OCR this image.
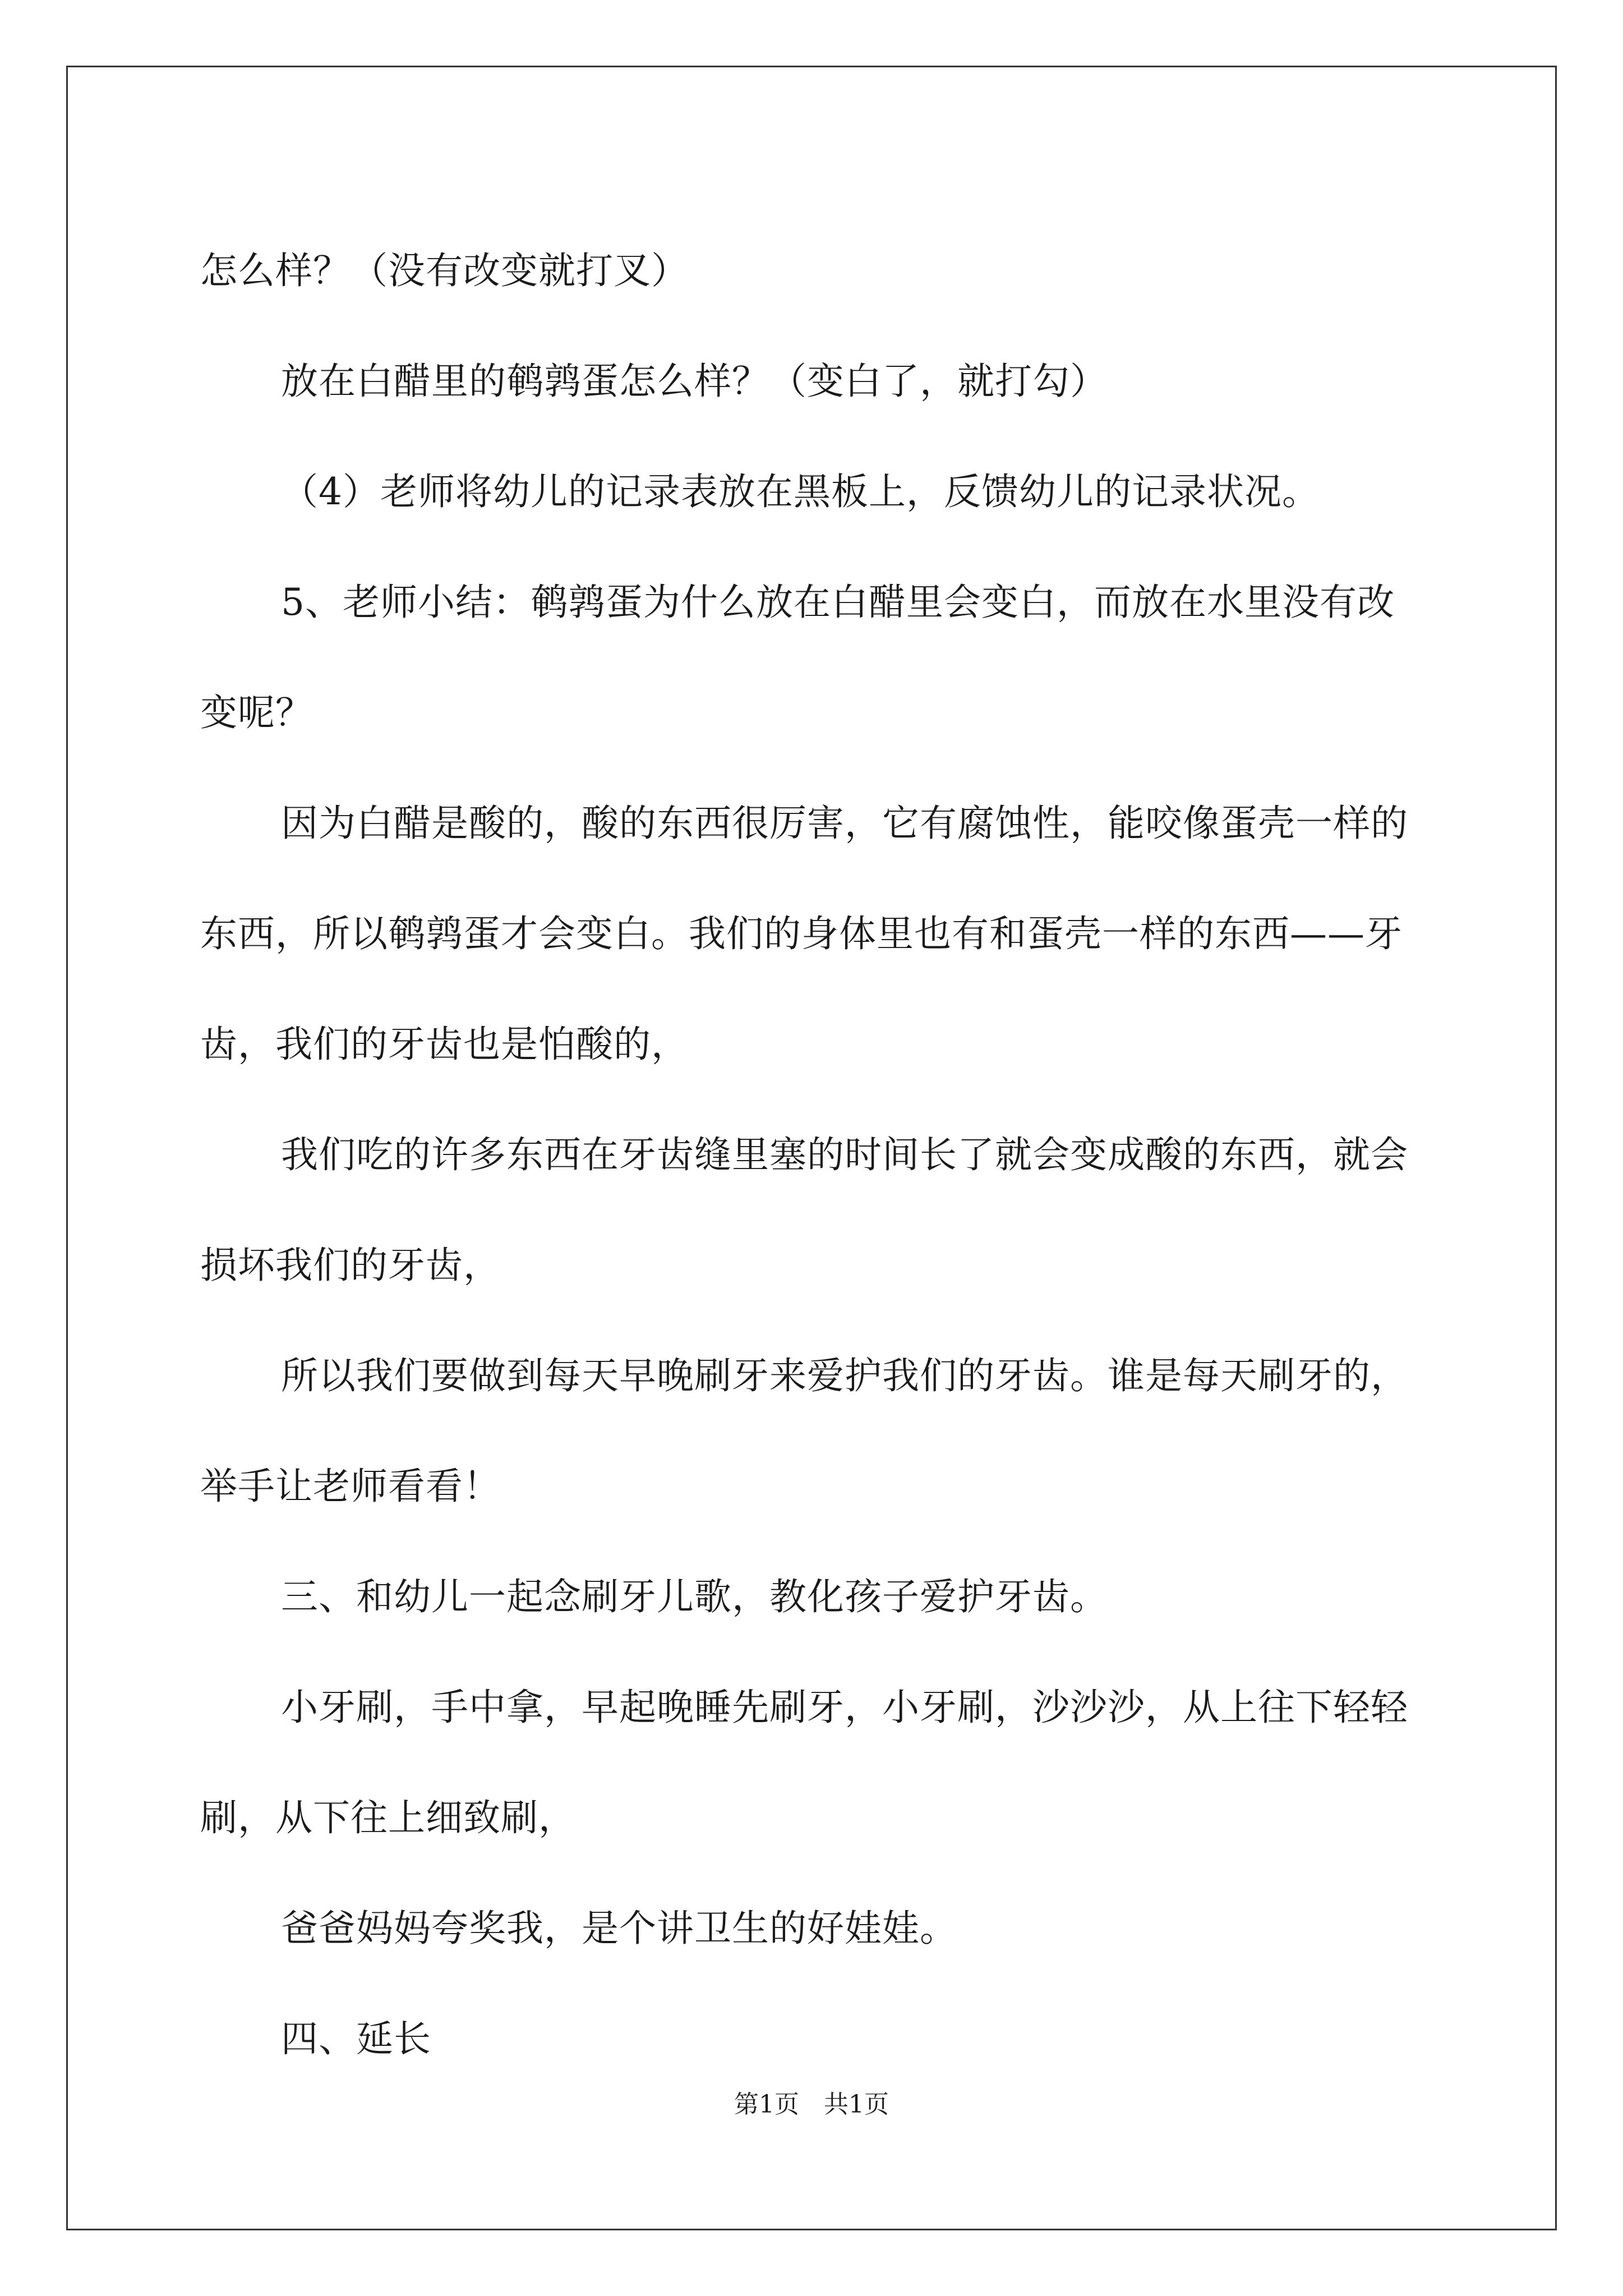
怎么样？（没有改变就打叉）

放在白醋里的鹌鹑蛋怎么样？（变白了，就打勾）

（4）老师将幼儿的记录表放在黑板上，反馈幼儿的记录状况。

5、老师小结：鹌鹑蛋为什么放在白醋里会变白，而放在水里没有改变呢？

因为白醋是酸的，酸的东西很厉害，它有腐蚀性，能咬像蛋壳一样的东西，所以鹌鹑蛋才会变白。我们的身体里也有和蛋壳一样的东西——牙齿，我们的牙齿也是怕酸的，

我们吃的许多东西在牙齿缝里塞的时间长了就会变成酸的东西，就会损坏我们的牙齿，

所以我们要做到每天早晚刷牙来爱护我们的牙齿。谁是每天刷牙的，举手让老师看看！

三、和幼儿一起念刷牙儿歌，教化孩子爱护牙齿。

小牙刷，手中拿，早起晚睡先刷牙，小牙刷，沙沙沙，从上往下轻轻刷，从下往上细致刷，

爸爸妈妈夸奖我，是个讲卫生的好娃娃。

四、延长

第1页　共1页
